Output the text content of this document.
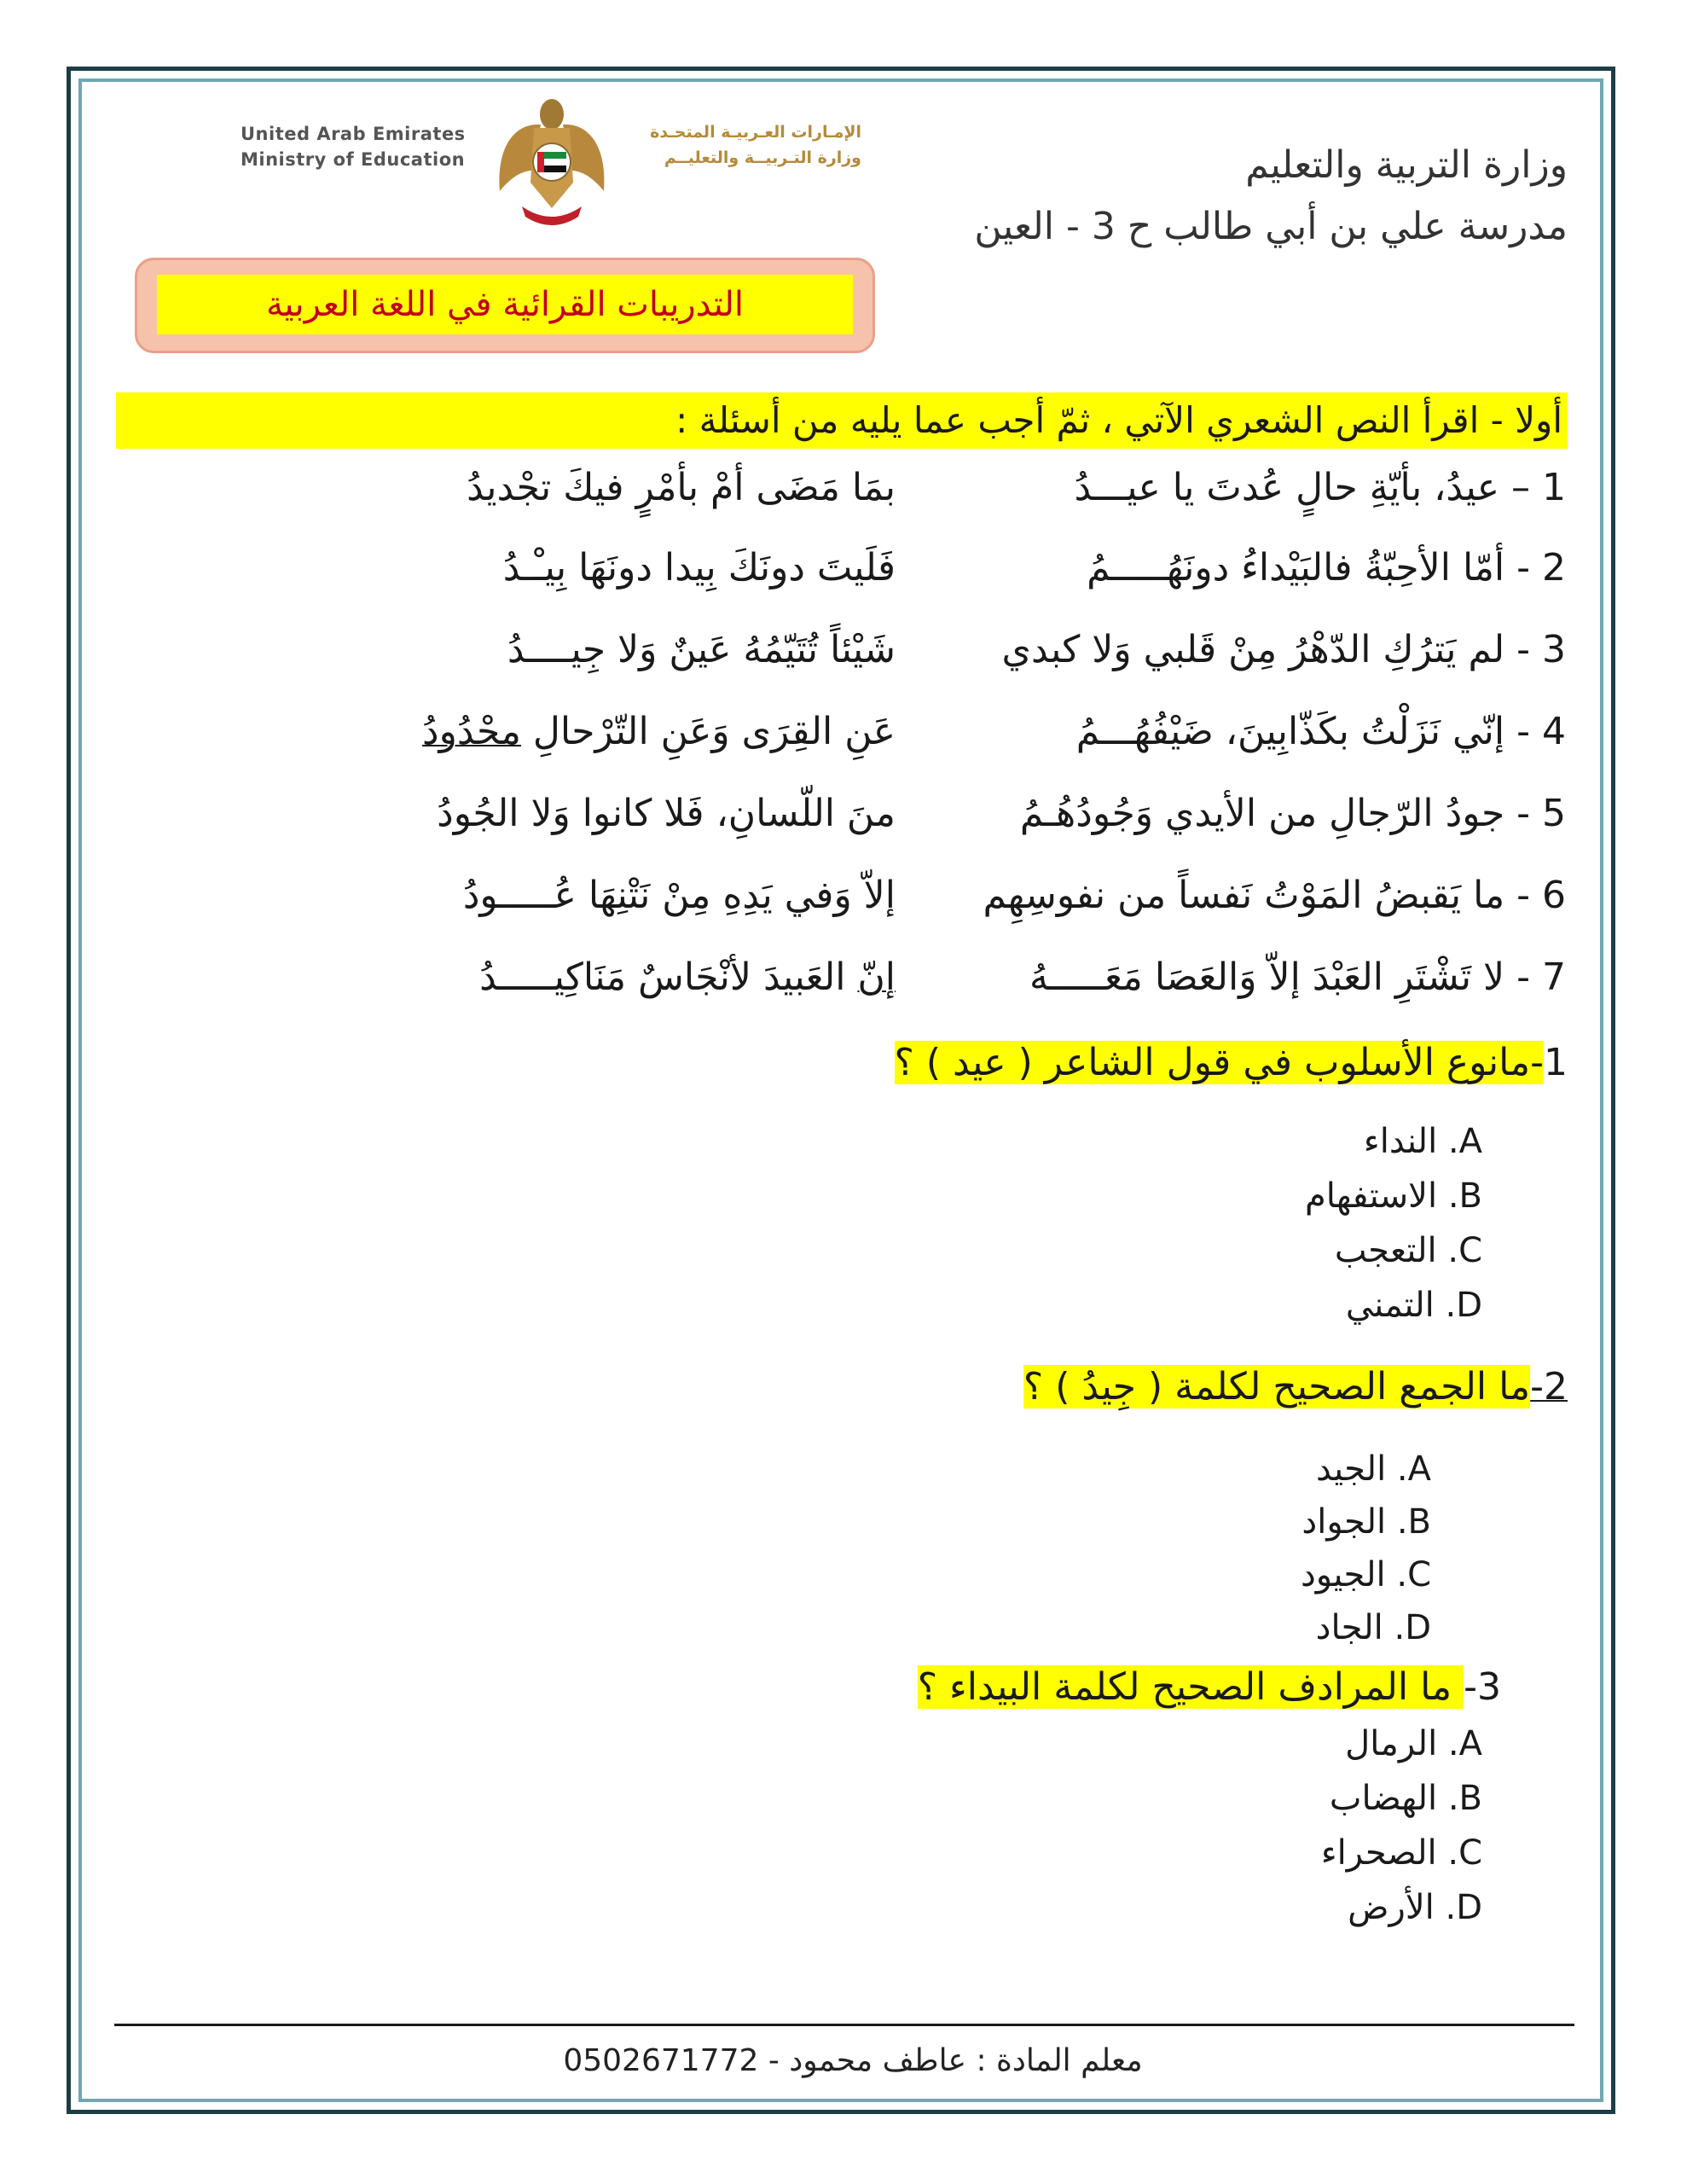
United Arab Emirates
Ministry of Education
الإمـارات العـربيـة المتحـدة
وزارة التـربيــة والتعليــم	وزارة التربية والتعليم
مدرسة علي بن أبي طالب ح 3 - العين
التدريبات القرائية في اللغة العربية
أولا - اقرأ النص الشعري الآتي ، ثمّ أجب عما يليه من أسئلة :
1 – عيدُ، بأيّةِ حالٍ عُدتَ يا عيـــدُ
بمَا مَضَى أمْ بأمْرٍ فيكَ تجْديدُ
2 - أمّا الأحِبّةُ فالبَيْداءُ دونَهُـــــمُ
فَلَيتَ دونَكَ بِيدا دونَهَا بِيـْـدُ
3 - لم يَترُكِ الدّهْرُ مِنْ قَلبي وَلا كبدي
شَيْئاً تُتَيّمُهُ عَينٌ وَلا جِيــــدُ
4 - إنّي نَزَلْتُ بكَذّابِينَ، ضَيْفُهُـــمُ
عَنِ القِرَى وَعَنِ التّرْحالِ محْدُودُ
5 - جودُ الرّجالِ من الأيدي وَجُودُهُـمُ
منَ اللّسانِ، فَلا كانوا وَلا الجُودُ
6 - ما يَقبضُ المَوْتُ نَفساً من نفوسِهِم
إلاّ وَفي يَدِهِ مِنْ نَتْنِهَا عُـــــودُ
7 - لا تَشْتَرِ العَبْدَ إلاّ وَالعَصَا مَعَـــــهُ
إنّ العَبيدَ لأنْجَاسٌ مَنَاكِيـــــدُ
1-مانوع الأسلوب في قول الشاعر ( عيد ) ؟
A. النداء
B. الاستفهام
C. التعجب
D. التمني
2-ما الجمع الصحيح لكلمة ( جِيدُ ) ؟
A. الجيد
B. الجواد
C. الجيود
D. الجاد
3- ما المرادف الصحيح لكلمة البيداء ؟
A. الرمال
B. الهضاب
C. الصحراء
D. الأرض
معلم المادة : عاطف محمود - 0502671772
